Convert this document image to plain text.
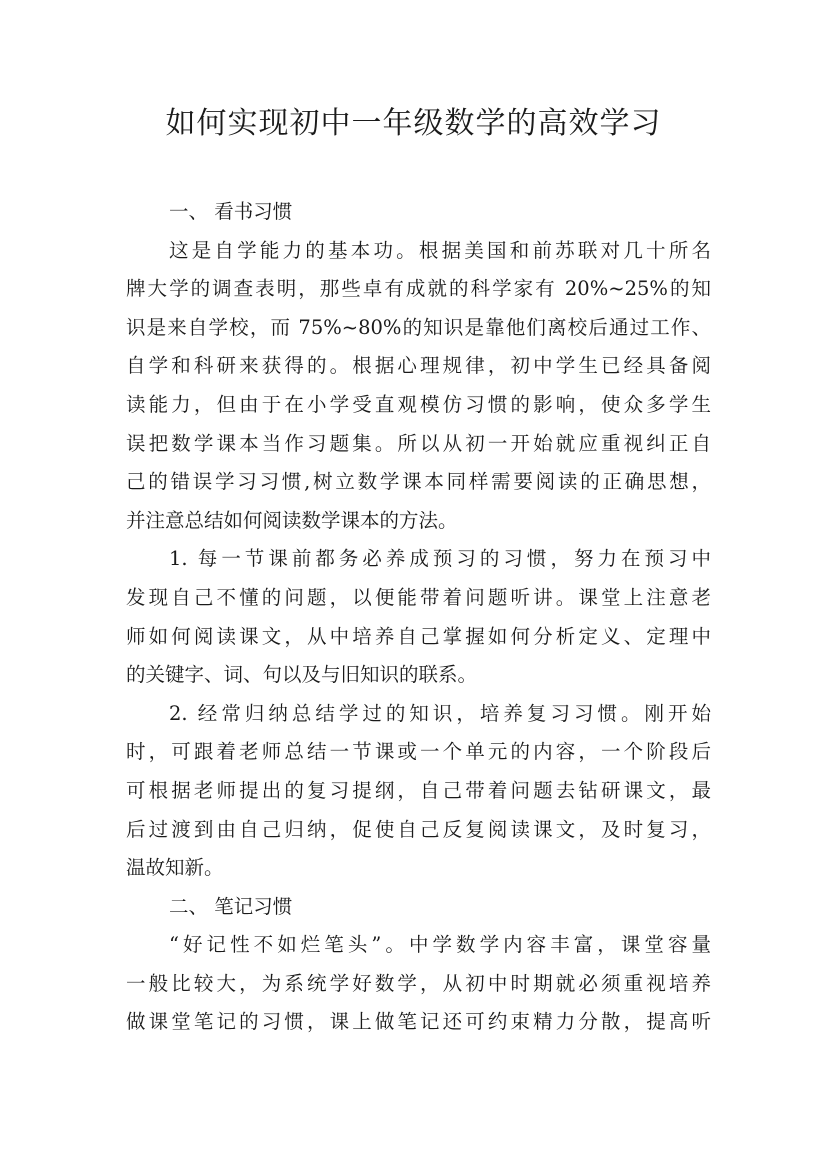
如何实现初中一年级数学的高效学习
一、 看书习惯
这是自学能力的基本功。根据美国和前苏联对几十所名
牌大学的调查表明，那些卓有成就的科学家有 20%~25%的知
识是来自学校，而 75%~80%的知识是靠他们离校后通过工作、
自学和科研来获得的。根据心理规律，初中学生已经具备阅
读能力，但由于在小学受直观模仿习惯的影响，使众多学生
误把数学课本当作习题集。所以从初一开始就应重视纠正自
己的错误学习习惯,树立数学课本同样需要阅读的正确思想，
并注意总结如何阅读数学课本的方法。
1. 每一节课前都务必养成预习的习惯，努力在预习中
发现自己不懂的问题，以便能带着问题听讲。课堂上注意老
师如何阅读课文，从中培养自己掌握如何分析定义、定理中
的关键字、词、句以及与旧知识的联系。
2. 经常归纳总结学过的知识，培养复习习惯。刚开始
时，可跟着老师总结一节课或一个单元的内容，一个阶段后
可根据老师提出的复习提纲，自己带着问题去钻研课文，最
后过渡到由自己归纳，促使自己反复阅读课文，及时复习，
温故知新。
二、 笔记习惯
“好记性不如烂笔头”。中学数学内容丰富，课堂容量
一般比较大，为系统学好数学，从初中时期就必须重视培养
做课堂笔记的习惯，课上做笔记还可约束精力分散，提高听
